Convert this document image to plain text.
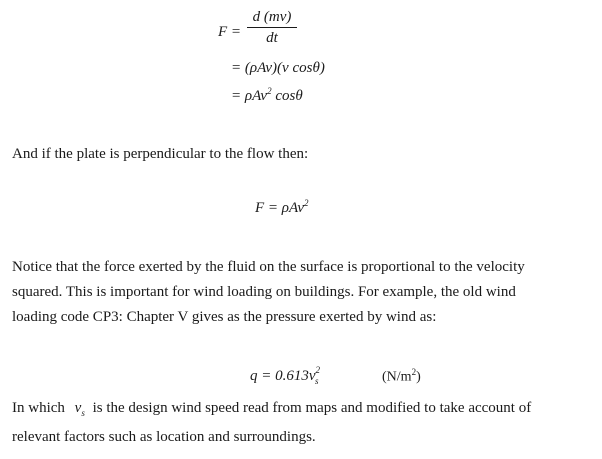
F =
d (mv)
dt
= (ρAv)(v cosθ)
= ρAv$^2$ cosθ

And if the plate is perpendicular to the flow then:

F = ρAv$^2$

Notice that the force exerted by the fluid on the surface is proportional to the velocity

squared. This is important for wind loading on buildings. For example, the old wind

loading code CP3: Chapter V gives as the pressure exerted by wind as:

$q = 0.613v^2_s$	$(N/m^2)$

In which $v_s$ is the design wind speed read from maps and modified to take account of

relevant factors such as location and surroundings.
